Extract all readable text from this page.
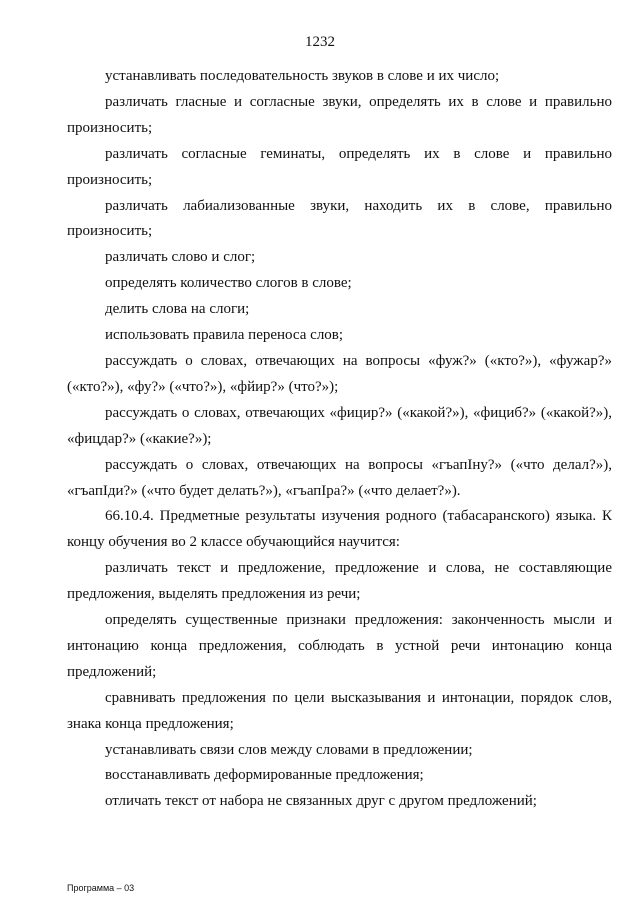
1232

устанавливать последовательность звуков в слове и их число;

различать гласные и согласные звуки, определять их в слове и правильно произносить;

различать согласные геминаты, определять их в слове и правильно произносить;

различать лабиализованные звуки, находить их в слове, правильно произносить;

различать слово и слог;

определять количество слогов в слове;

делить слова на слоги;

использовать правила переноса слов;

рассуждать о словах, отвечающих на вопросы «фуж?» («кто?»), «фужар?» («кто?»), «фу?» («что?»), «фйир?» (что?»);

рассуждать о словах, отвечающих «фицир?» («какой?»), «фициб?» («какой?»), «фицдар?» («какие?»);

рассуждать о словах, отвечающих на вопросы «гъапIну?» («что делал?»), «гъапIди?» («что будет делать?»), «гъапIра?» («что делает?»).

66.10.4. Предметные результаты изучения родного (табасаранского) языка. К концу обучения во 2 классе обучающийся научится:

различать текст и предложение, предложение и слова, не составляющие предложения, выделять предложения из речи;

определять существенные признаки предложения: законченность мысли и интонацию конца предложения, соблюдать в устной речи интонацию конца предложений;

сравнивать предложения по цели высказывания и интонации, порядок слов, знака конца предложения;

устанавливать связи слов между словами в предложении;

восстанавливать деформированные предложения;

отличать текст от набора не связанных друг с другом предложений;

Программа – 03
